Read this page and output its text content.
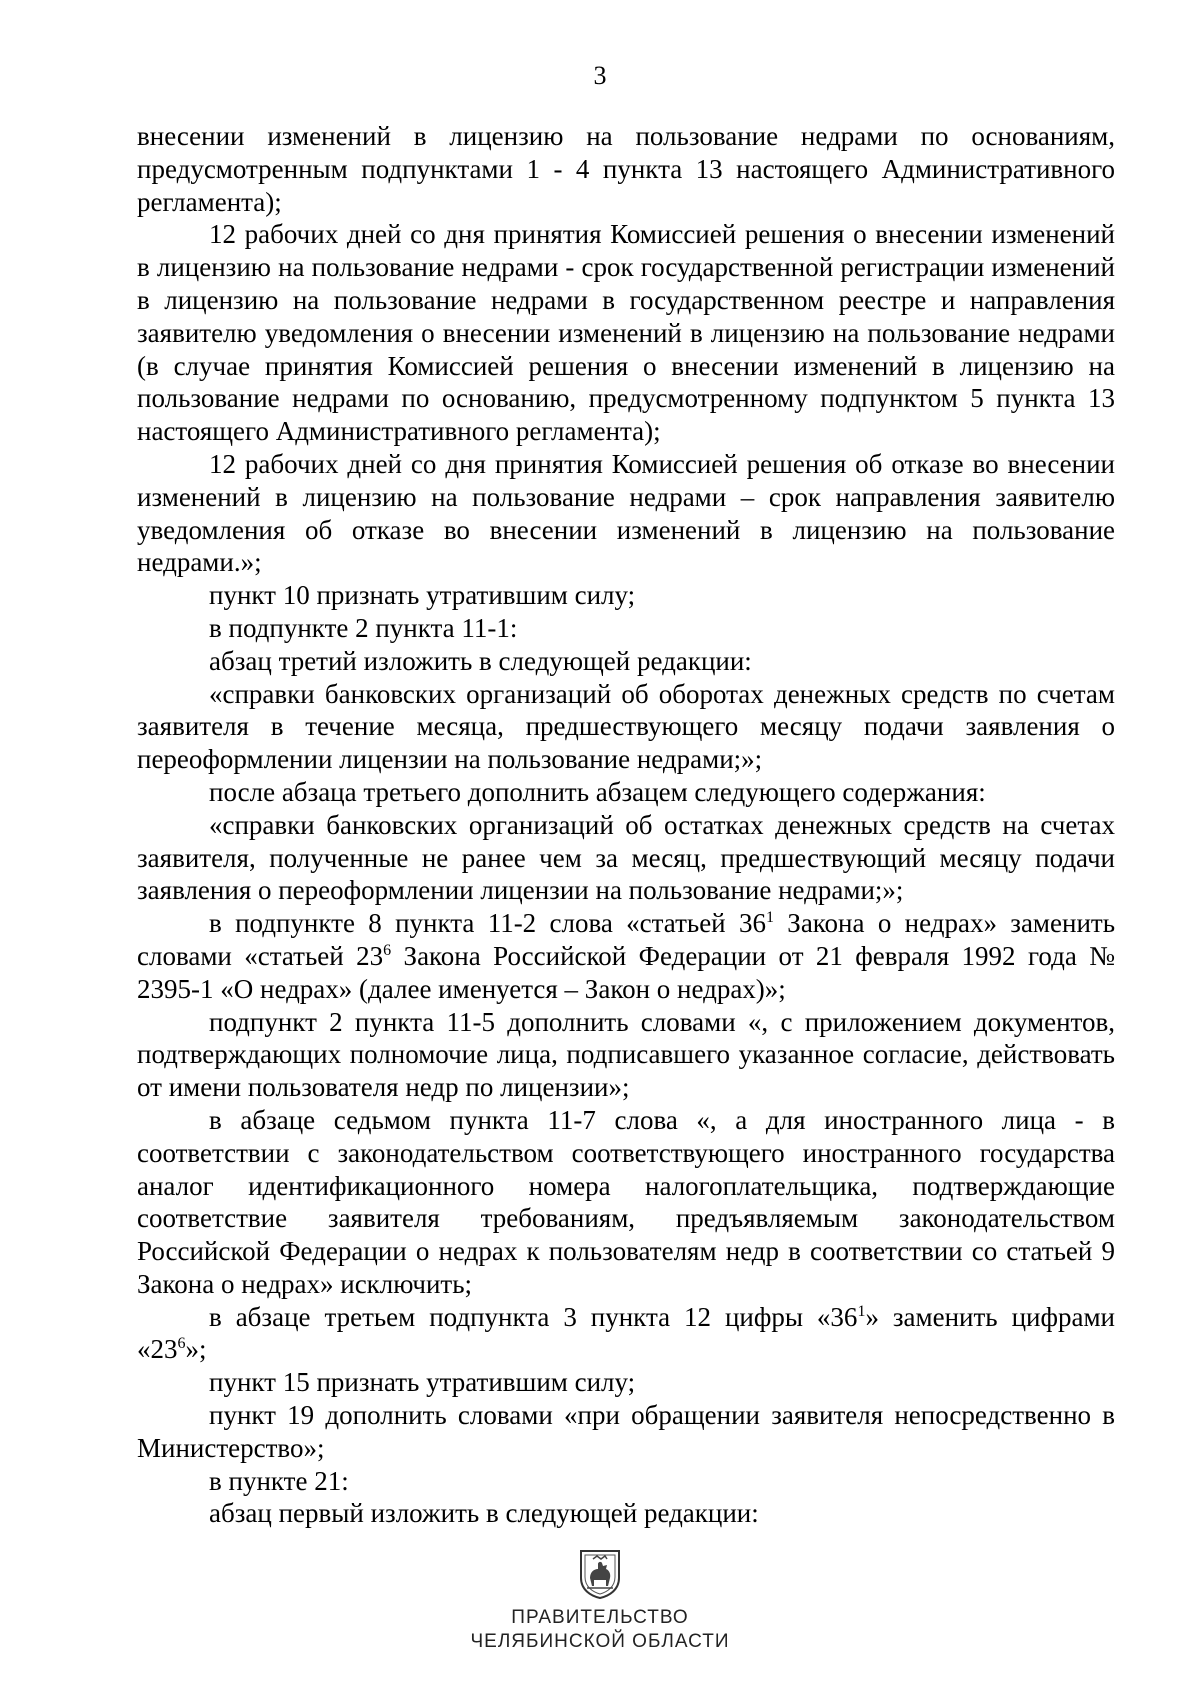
3

внесении изменений в лицензию на пользование недрами по основаниям, предусмотренным подпунктами 1 - 4 пункта 13 настоящего Административного регламента);

12 рабочих дней со дня принятия Комиссией решения о внесении изменений в лицензию на пользование недрами - срок государственной регистрации изменений в лицензию на пользование недрами в государственном реестре и направления заявителю уведомления о внесении изменений в лицензию на пользование недрами (в случае принятия Комиссией решения о внесении изменений в лицензию на пользование недрами по основанию, предусмотренному подпунктом 5 пункта 13 настоящего Административного регламента);

12 рабочих дней со дня принятия Комиссией решения об отказе во внесении изменений в лицензию на пользование недрами – срок направления заявителю уведомления об отказе во внесении изменений в лицензию на пользование недрами.»;

пункт 10 признать утратившим силу;

в подпункте 2 пункта 11-1:

абзац третий изложить в следующей редакции:

«справки банковских организаций об оборотах денежных средств по счетам заявителя в течение месяца, предшествующего месяцу подачи заявления о переоформлении лицензии на пользование недрами;»;

после абзаца третьего дополнить абзацем следующего содержания:

«справки банковских организаций об остатках денежных средств на счетах заявителя, полученные не ранее чем за месяц, предшествующий месяцу подачи заявления о переоформлении лицензии на пользование недрами;»;

в подпункте 8 пункта 11-2 слова «статьей $36^1$ Закона о недрах» заменить словами «статьей $23^6$ Закона Российской Федерации от 21 февраля 1992 года № 2395-1 «О недрах» (далее именуется – Закон о недрах)»;

подпункт 2 пункта 11-5 дополнить словами «, с приложением документов, подтверждающих полномочие лица, подписавшего указанное согласие, действовать от имени пользователя недр по лицензии»;

в абзаце седьмом пункта 11-7 слова «, а для иностранного лица - в соответствии с законодательством соответствующего иностранного государства аналог идентификационного номера налогоплательщика, подтверждающие соответствие заявителя требованиям, предъявляемым законодательством Российской Федерации о недрах к пользователям недр в соответствии со статьей 9 Закона о недрах» исключить;

в абзаце третьем подпункта 3 пункта 12 цифры «$36^1$» заменить цифрами «$23^6$»;

пункт 15 признать утратившим силу;

пункт 19 дополнить словами «при обращении заявителя непосредственно в Министерство»;

в пункте 21:

абзац первый изложить в следующей редакции:

ПРАВИТЕЛЬСТВО
ЧЕЛЯБИНСКОЙ ОБЛАСТИ
